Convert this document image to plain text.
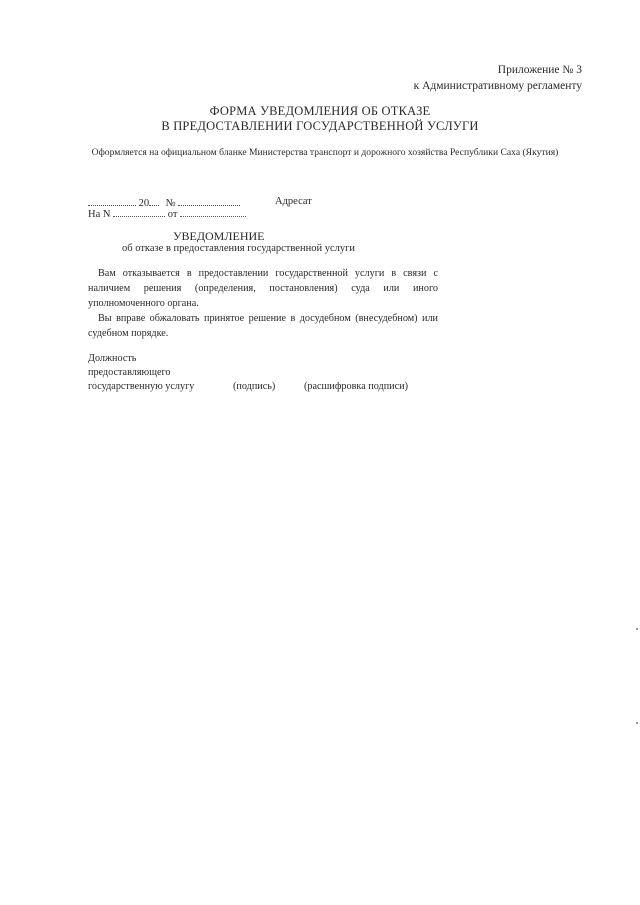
Приложение № 3
к Административному регламенту
ФОРМА УВЕДОМЛЕНИЯ ОБ ОТКАЗЕ
В ПРЕДОСТАВЛЕНИИ ГОСУДАРСТВЕННОЙ УСЛУГИ
Оформляется на официальном бланке Министерства транспорт и дорожного хозяйства Республики Саха (Якутия)
20 №	Адресат
На N	от
УВЕДОМЛЕНИЕ
об отказе в предоставления государственной услуги

Вам отказывается в предоставлении государственной услуги в связи с наличием решения (определения, постановления) суда или иного уполномоченного органа.

Вы вправе обжаловать принятое решение в досудебном (внесудебном) или судебном порядке.

Должность
предоставляющего
государственную услугу	(подпись)	(расшифровка подписи)
